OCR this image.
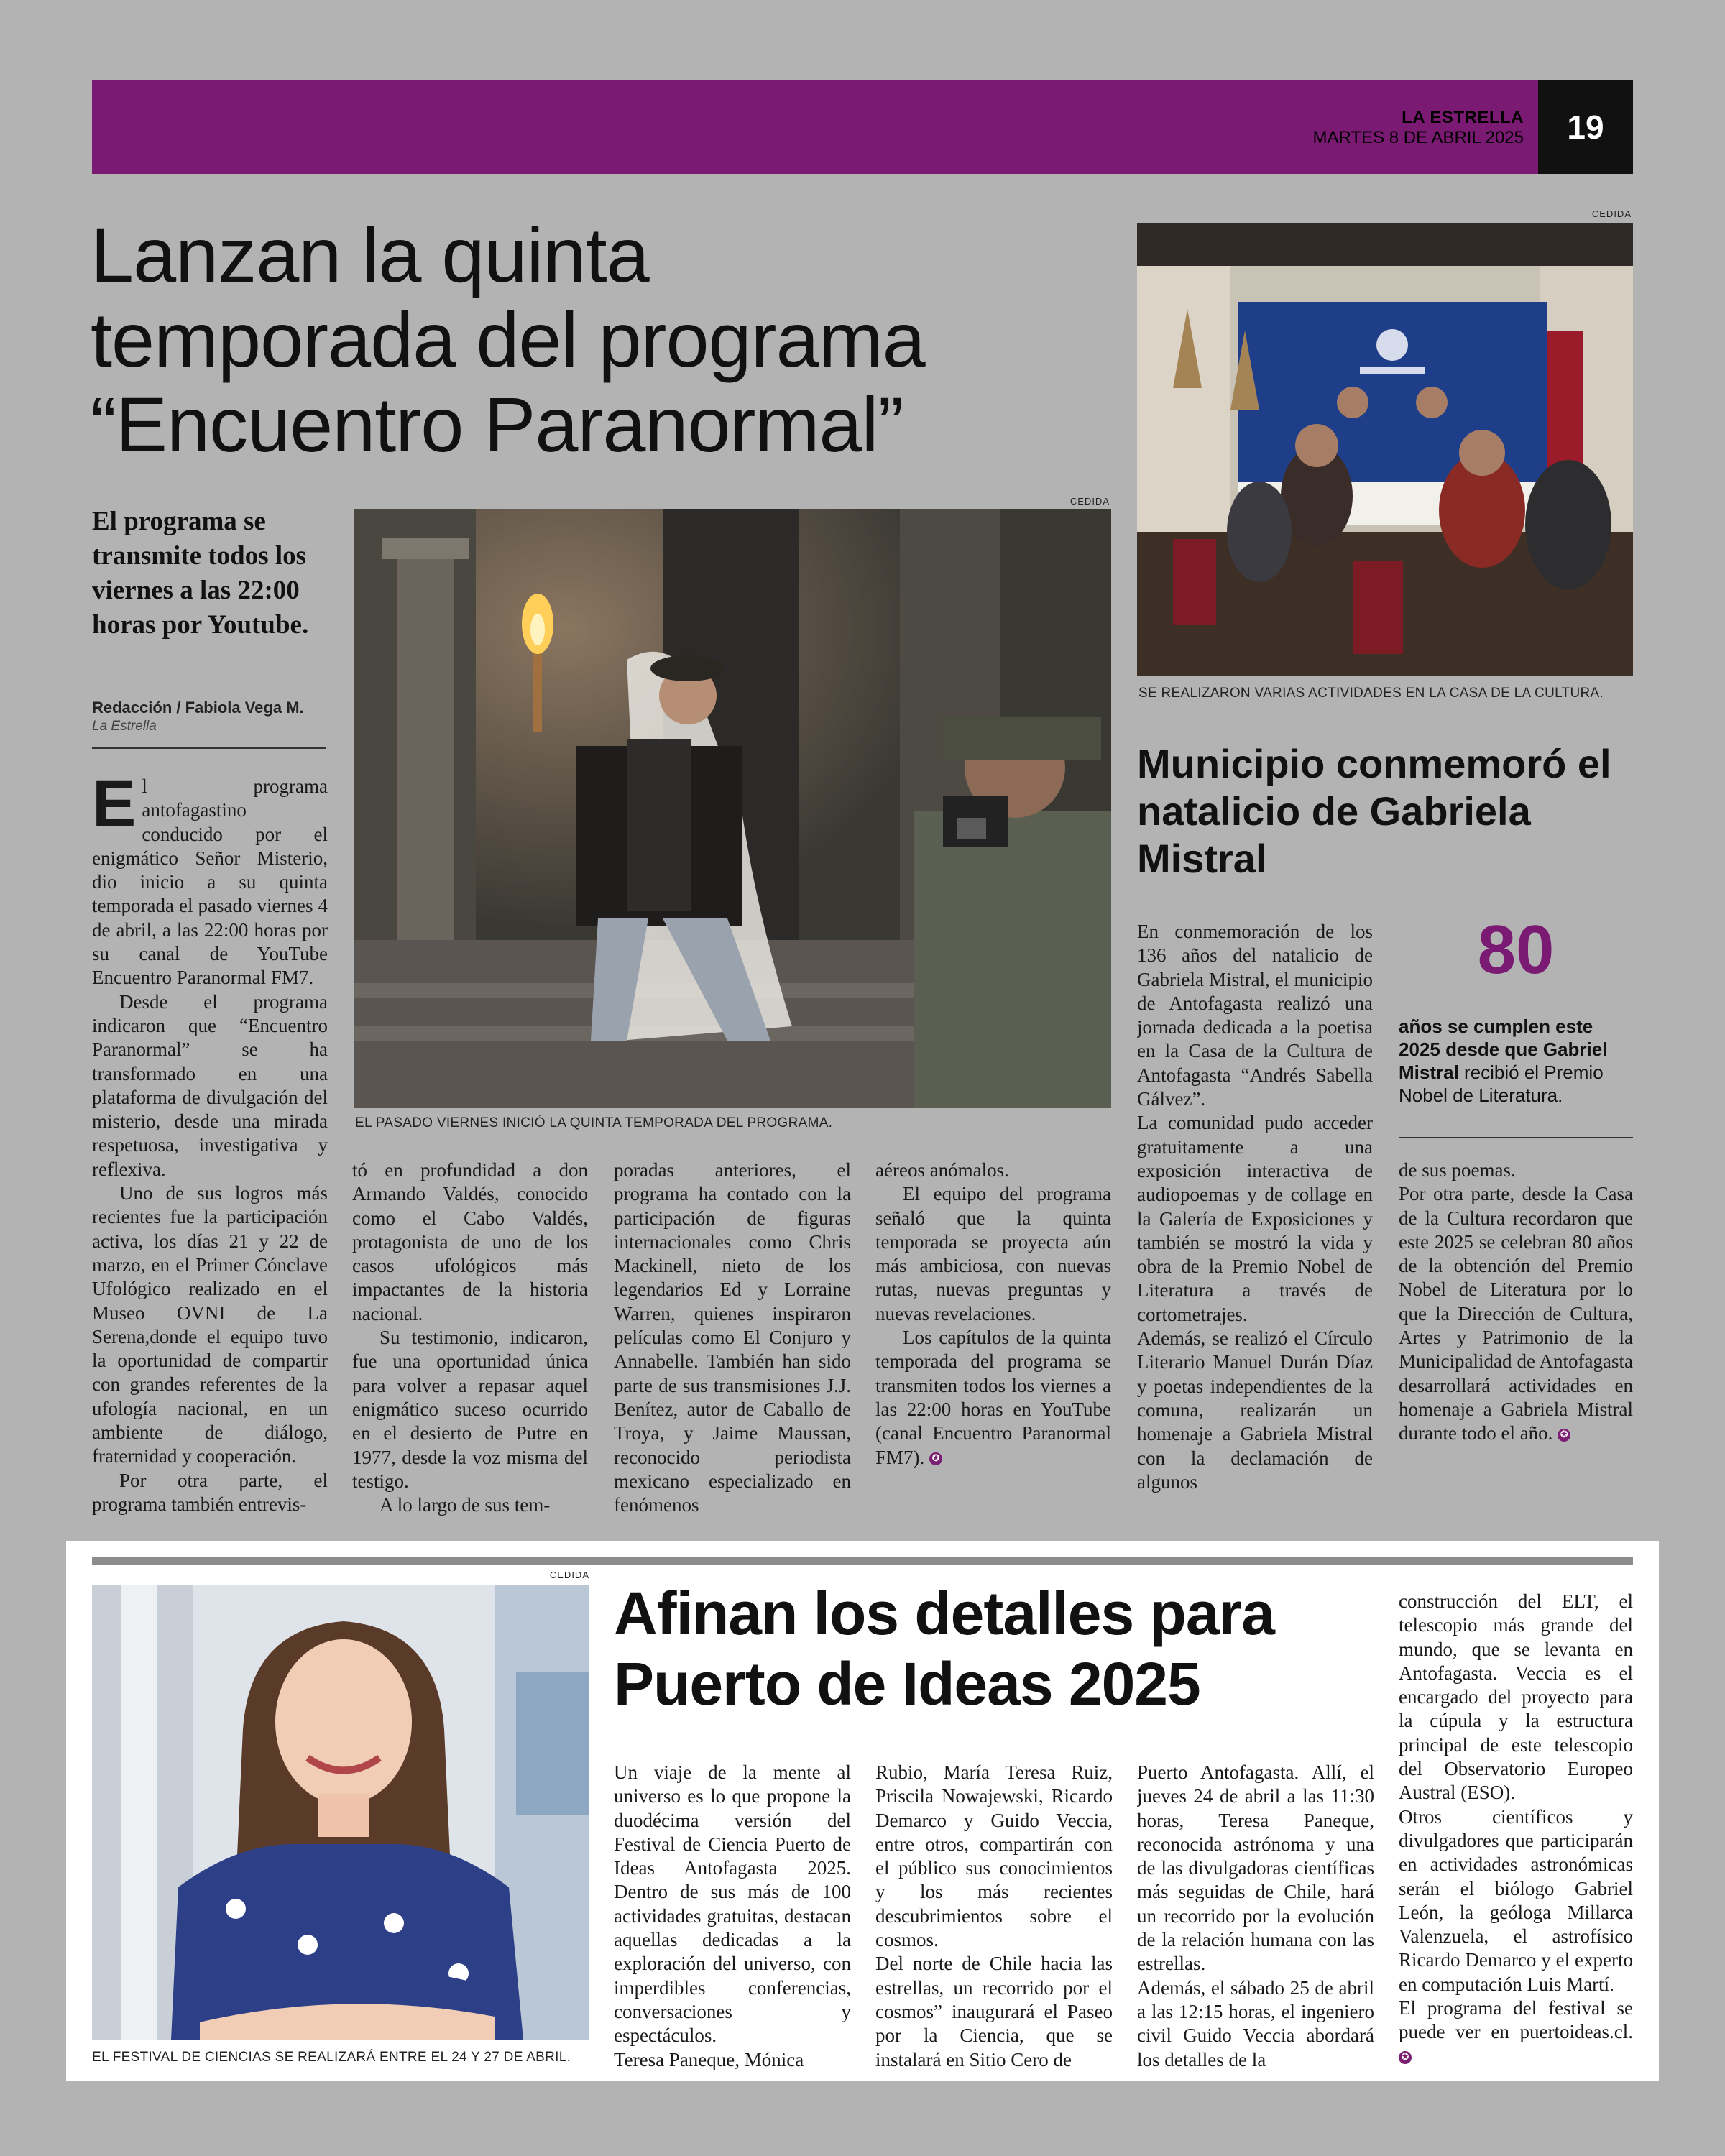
19
LA ESTRELLA
MARTES 8 DE ABRIL 2025
Lanzan la quinta
temporada del programa
“Encuentro Paranormal”
El programa se transmite todos los viernes a las 22:00 horas por Youtube.
Redacción / Fabiola Vega M.
La Estrella
CEDIDA
EL PASADO VIERNES INICIÓ LA QUINTA TEMPORADA DEL PROGRAMA.

El programa antofagastino conducido por el enigmático Señor Misterio, dio inicio a su quinta temporada el pasado viernes 4 de abril, a las 22:00 horas por su canal de YouTube Encuentro Paranormal FM7.

Desde el programa indicaron que “Encuentro Paranormal” se ha transformado en una plataforma de divulgación del misterio, desde una mirada respetuosa, investigativa y reflexiva.

Uno de sus logros más recientes fue la participación activa, los días 21 y 22 de marzo, en el Primer Cónclave Ufológico realizado en el Museo OVNI de La Serena,donde el equipo tuvo la oportunidad de compartir con grandes referentes de la ufología nacional, en un ambiente de diálogo, fraternidad y cooperación.

Por otra parte, el programa también entrevis-

tó en profundidad a don Armando Valdés, conocido como el Cabo Valdés, protagonista de uno de los casos ufológicos más impactantes de la historia nacional.

Su testimonio, indicaron, fue una oportunidad única para volver a repasar aquel enigmático suceso ocurrido en el desierto de Putre en 1977, desde la voz misma del testigo.

A lo largo de sus tem-

poradas anteriores, el programa ha contado con la participación de figuras internacionales como Chris Mackinell, nieto de los legendarios Ed y Lorraine Warren, quienes inspiraron películas como El Conjuro y Annabelle. También han sido parte de sus transmisiones J.J. Benítez, autor de Caballo de Troya, y Jaime Maussan, reconocido periodista mexicano especializado en fenómenos

aéreos anómalos.

El equipo del programa señaló que la quinta temporada se proyecta aún más ambiciosa, con nuevas rutas, nuevas preguntas y nuevas revelaciones.

Los capítulos de la quinta temporada del programa se transmiten todos los viernes a las 22:00 horas en YouTube (canal Encuentro Paranormal FM7). ✪

CEDIDA
SE REALIZARON VARIAS ACTIVIDADES EN LA CASA DE LA CULTURA.
Municipio conmemoró el natalicio de Gabriela Mistral

En conmemoración de los 136 años del natalicio de Gabriela Mistral, el municipio de Antofagasta realizó una jornada dedicada a la poetisa en la Casa de la Cultura de Antofagasta “Andrés Sabella Gálvez”.

La comunidad pudo acceder gratuitamente a una exposición interactiva de audiopoemas y de collage en la Galería de Exposiciones y también se mostró la vida y obra de la Premio Nobel de Literatura a través de cortometrajes.

Además, se realizó el Círculo Literario Manuel Durán Díaz y poetas independientes de la comuna, realizarán un homenaje a Gabriela Mistral con la declamación de algunos

80
años se cumplen este 2025 desde que Gabriel Mistral recibió el Premio Nobel de Literatura.

de sus poemas.

Por otra parte, desde la Casa de la Cultura recordaron que este 2025 se celebran 80 años de la obtención del Premio Nobel de Literatura por lo que la Dirección de Cultura, Artes y Patrimonio de la Municipalidad de Antofagasta desarrollará actividades en homenaje a Gabriela Mistral durante todo el año. ✪

CEDIDA
EL FESTIVAL DE CIENCIAS SE REALIZARÁ ENTRE EL 24 Y 27 DE ABRIL.
Afinan los detalles para
Puerto de Ideas 2025

Un viaje de la mente al universo es lo que propone la duodécima versión del Festival de Ciencia Puerto de Ideas Antofagasta 2025. Dentro de sus más de 100 actividades gratuitas, destacan aquellas dedicadas a la exploración del universo, con imperdibles conferencias, conversaciones y espectáculos.

Teresa Paneque, Mónica

Rubio, María Teresa Ruiz, Priscila Nowajewski, Ricardo Demarco y Guido Veccia, entre otros, compartirán con el público sus conocimientos y los más recientes descubrimientos sobre el cosmos.

Del norte de Chile hacia las estrellas, un recorrido por el cosmos” inaugurará el Paseo por la Ciencia, que se instalará en Sitio Cero de

Puerto Antofagasta. Allí, el jueves 24 de abril a las 11:30 horas, Teresa Paneque, reconocida astrónoma y una de las divulgadoras científicas más seguidas de Chile, hará un recorrido por la evolución de la relación humana con las estrellas.

Además, el sábado 25 de abril a las 12:15 horas, el ingeniero civil Guido Veccia abordará los detalles de la

construcción del ELT, el telescopio más grande del mundo, que se levanta en Antofagasta. Veccia es el encargado del proyecto para la cúpula y la estructura principal de este telescopio del Observatorio Europeo Austral (ESO).

Otros científicos y divulgadores que participarán en actividades astronómicas serán el biólogo Gabriel León, la geóloga Millarca Valenzuela, el astrofísico Ricardo Demarco y el experto en computación Luis Martí.

El programa del festival se puede ver en puertoideas.cl. ✪
